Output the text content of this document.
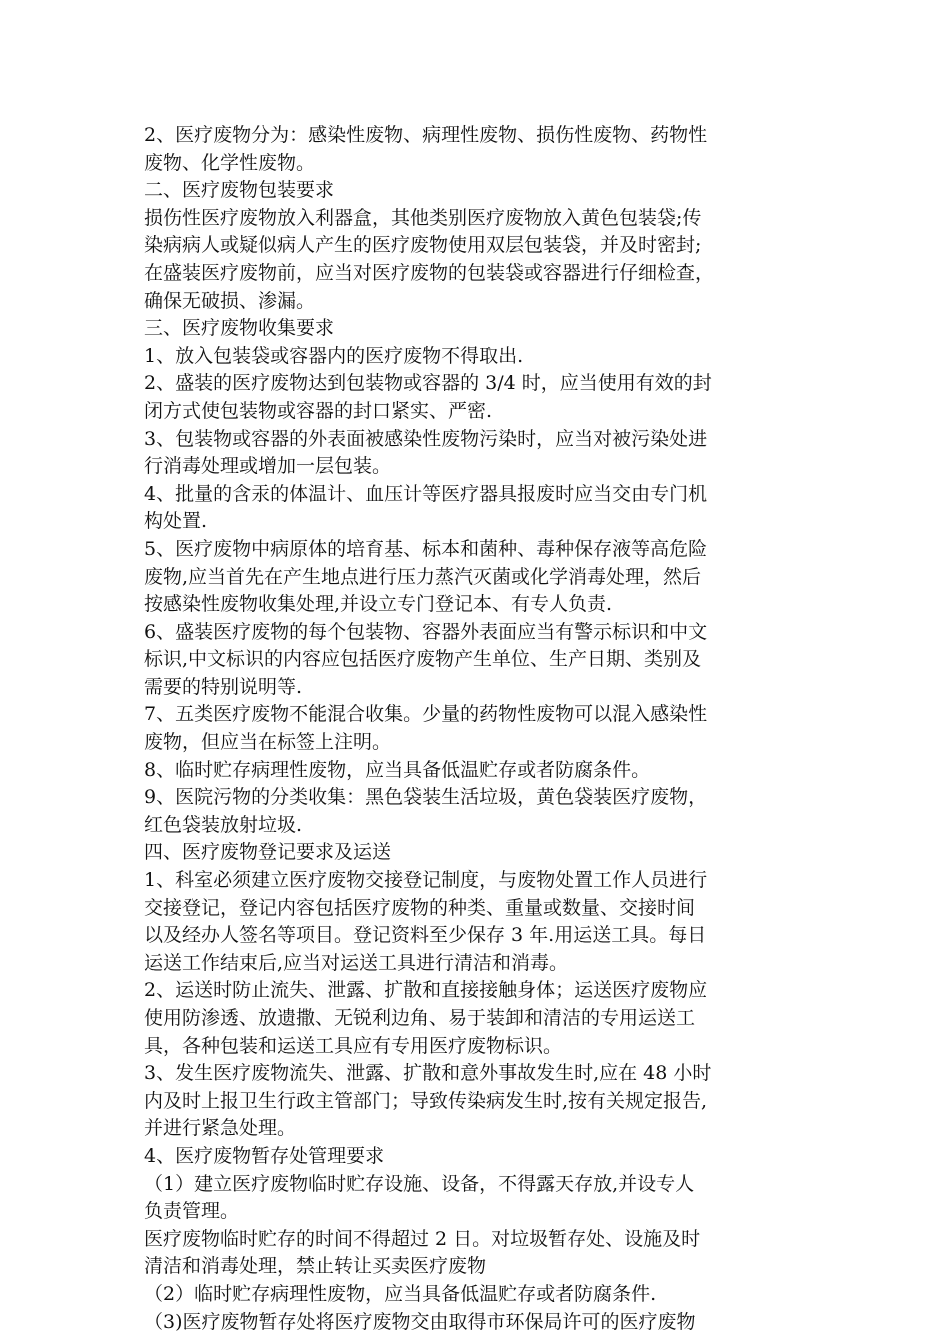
2、医疗废物分为：感染性废物、病理性废物、损伤性废物、药物性
废物、化学性废物。
二、医疗废物包装要求
损伤性医疗废物放入利器盒，其他类别医疗废物放入黄色包装袋;传
染病病人或疑似病人产生的医疗废物使用双层包装袋，并及时密封;
在盛装医疗废物前，应当对医疗废物的包装袋或容器进行仔细检查，
确保无破损、渗漏。
三、医疗废物收集要求
1、放入包装袋或容器内的医疗废物不得取出.
2、盛装的医疗废物达到包装物或容器的 3/4 时，应当使用有效的封
闭方式使包装物或容器的封口紧实、严密.
3、包装物或容器的外表面被感染性废物污染时，应当对被污染处进
行消毒处理或增加一层包装。
4、批量的含汞的体温计、血压计等医疗器具报废时应当交由专门机
构处置.
5、医疗废物中病原体的培育基、标本和菌种、毒种保存液等高危险
废物,应当首先在产生地点进行压力蒸汽灭菌或化学消毒处理，然后
按感染性废物收集处理,并设立专门登记本、有专人负责.
6、盛装医疗废物的每个包装物、容器外表面应当有警示标识和中文
标识,中文标识的内容应包括医疗废物产生单位、生产日期、类别及
需要的特别说明等.
7、五类医疗废物不能混合收集。少量的药物性废物可以混入感染性
废物，但应当在标签上注明。
8、临时贮存病理性废物，应当具备低温贮存或者防腐条件。
9、医院污物的分类收集：黑色袋装生活垃圾，黄色袋装医疗废物，
红色袋装放射垃圾.
四、医疗废物登记要求及运送
1、科室必须建立医疗废物交接登记制度，与废物处置工作人员进行
交接登记，登记内容包括医疗废物的种类、重量或数量、交接时间
以及经办人签名等项目。登记资料至少保存 3 年.用运送工具。每日
运送工作结束后,应当对运送工具进行清洁和消毒。
2、运送时防止流失、泄露、扩散和直接接触身体；运送医疗废物应
使用防渗透、放遗撒、无锐利边角、易于装卸和清洁的专用运送工
具，各种包装和运送工具应有专用医疗废物标识。
3、发生医疗废物流失、泄露、扩散和意外事故发生时,应在 48 小时
内及时上报卫生行政主管部门；导致传染病发生时,按有关规定报告,
并进行紧急处理。
4、医疗废物暂存处管理要求
（1）建立医疗废物临时贮存设施、设备，不得露天存放,并设专人
负责管理。
医疗废物临时贮存的时间不得超过 2 日。对垃圾暂存处、设施及时
清洁和消毒处理，禁止转让买卖医疗废物
（2）临时贮存病理性废物，应当具备低温贮存或者防腐条件.
（3)医疗废物暂存处将医疗废物交由取得市环保局许可的医疗废物
